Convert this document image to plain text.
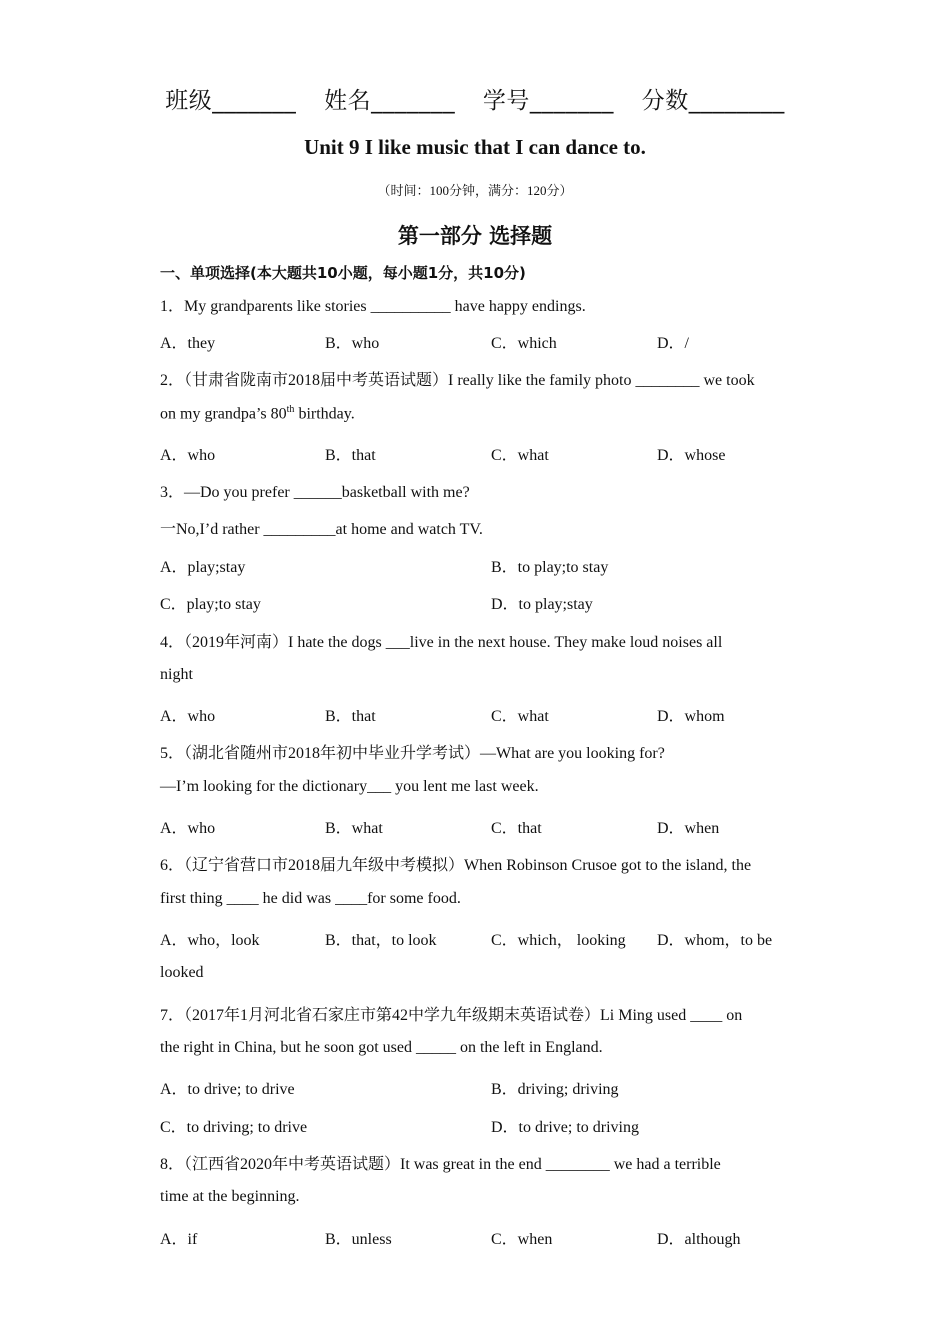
班级_______ 姓名_______ 学号_______ 分数________
Unit 9 I like music that I can dance to.
（时间：100分钟，满分：120分）
第一部分 选择题
一、单项选择(本大题共10小题，每小题1分，共10分)
1．My grandparents like stories __________ have happy endings.
A．they	B．who	C．which	D．/
2．（甘肃省陇南市2018届中考英语试题）I really like the family photo ________ we took
on my grandpa’s 80th birthday.
A．who	B．that	C．what	D．whose
3．—Do you prefer ______basketball with me?
一No,I’d rather _________at home and watch TV.
A．play;stay	B．to play;to stay
C．play;to stay	D．to play;stay
4．（2019年河南）I hate the dogs ___live in the next house. They make loud noises all
night
A．who	B．that	C．what	D．whom
5．（湖北省随州市2018年初中毕业升学考试）—What are you looking for?
—I’m looking for the dictionary___ you lent me last week.
A．who	B．what	C．that	D．when
6．（辽宁省营口市2018届九年级中考模拟）When Robinson Crusoe got to the island, the
first thing ____ he did was ____for some food.
A．who，look	B．that，to look	C．which， looking D．whom，to be
looked
7．（2017年1月河北省石家庄市第42中学九年级期末英语试卷）Li Ming used ____ on
the right in China, but he soon got used _____ on the left in England.
A．to drive; to drive	B．driving; driving
C．to driving; to drive	D．to drive; to driving
8．（江西省2020年中考英语试题）It was great in the end ________ we had a terrible
time at the beginning.
A．if	B．unless	C．when	D．although
